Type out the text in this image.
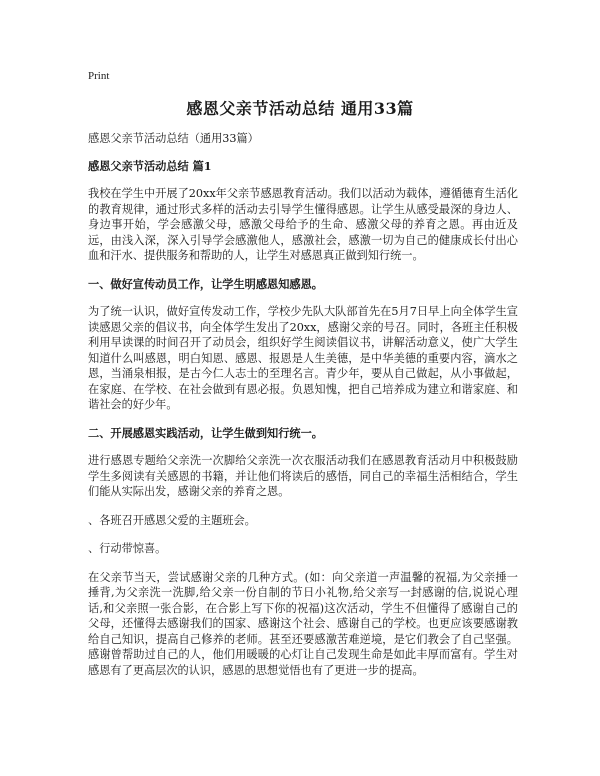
Print
感恩父亲节活动总结 通用33篇
感恩父亲节活动总结（通用33篇）
感恩父亲节活动总结 篇1
我校在学生中开展了20xx年父亲节感恩教育活动。我们以活动为载体，遵循德育生活化的教育规律，通过形式多样的活动去引导学生懂得感恩。让学生从感受最深的身边人、身边事开始，学会感激父母，感激父母给予的生命、感激父母的养育之恩。再由近及远，由浅入深，深入引导学会感激他人，感激社会，感激一切为自己的健康成长付出心血和汗水、提供服务和帮助的人，让学生对感恩真正做到知行统一。
一、做好宣传动员工作，让学生明感恩知感恩。
为了统一认识，做好宣传发动工作，学校少先队大队部首先在5月7日早上向全体学生宣读感恩父亲的倡议书，向全体学生发出了20xx，感谢父亲的号召。同时，各班主任积极利用早读课的时间召开了动员会，组织好学生阅读倡议书，讲解活动意义，使广大学生知道什么叫感恩，明白知恩、感恩、报恩是人生美德，是中华美德的重要内容，滴水之恩，当涌泉相报，是古今仁人志士的至理名言。青少年，要从自己做起，从小事做起，在家庭、在学校、在社会做到有恩必报。负恩知愧，把自己培养成为建立和谐家庭、和谐社会的好少年。
二、开展感恩实践活动，让学生做到知行统一。
进行感恩专题给父亲洗一次脚给父亲洗一次衣服活动我们在感恩教育活动月中积极鼓励学生多阅读有关感恩的书籍，并让他们将读后的感悟，同自己的幸福生活相结合，学生们能从实际出发，感谢父亲的养育之恩。
、各班召开感恩父爱的主题班会。
、行动带惊喜。
在父亲节当天，尝试感谢父亲的几种方式。(如：向父亲道一声温馨的祝福,为父亲捶一捶背,为父亲洗一洗脚,给父亲一份自制的节日小礼物,给父亲写一封感谢的信,说说心理话,和父亲照一张合影，在合影上写下你的祝福)这次活动，学生不但懂得了感谢自己的父母，还懂得去感谢我们的国家、感谢这个社会、感谢自己的学校。也更应该要感谢教给自己知识，提高自己修养的老师。甚至还要感激苦难逆境，是它们教会了自己坚强。感谢曾帮助过自己的人，他们用暖暖的心灯让自己发现生命是如此丰厚而富有。学生对感恩有了更高层次的认识，感恩的思想觉悟也有了更进一步的提高。
